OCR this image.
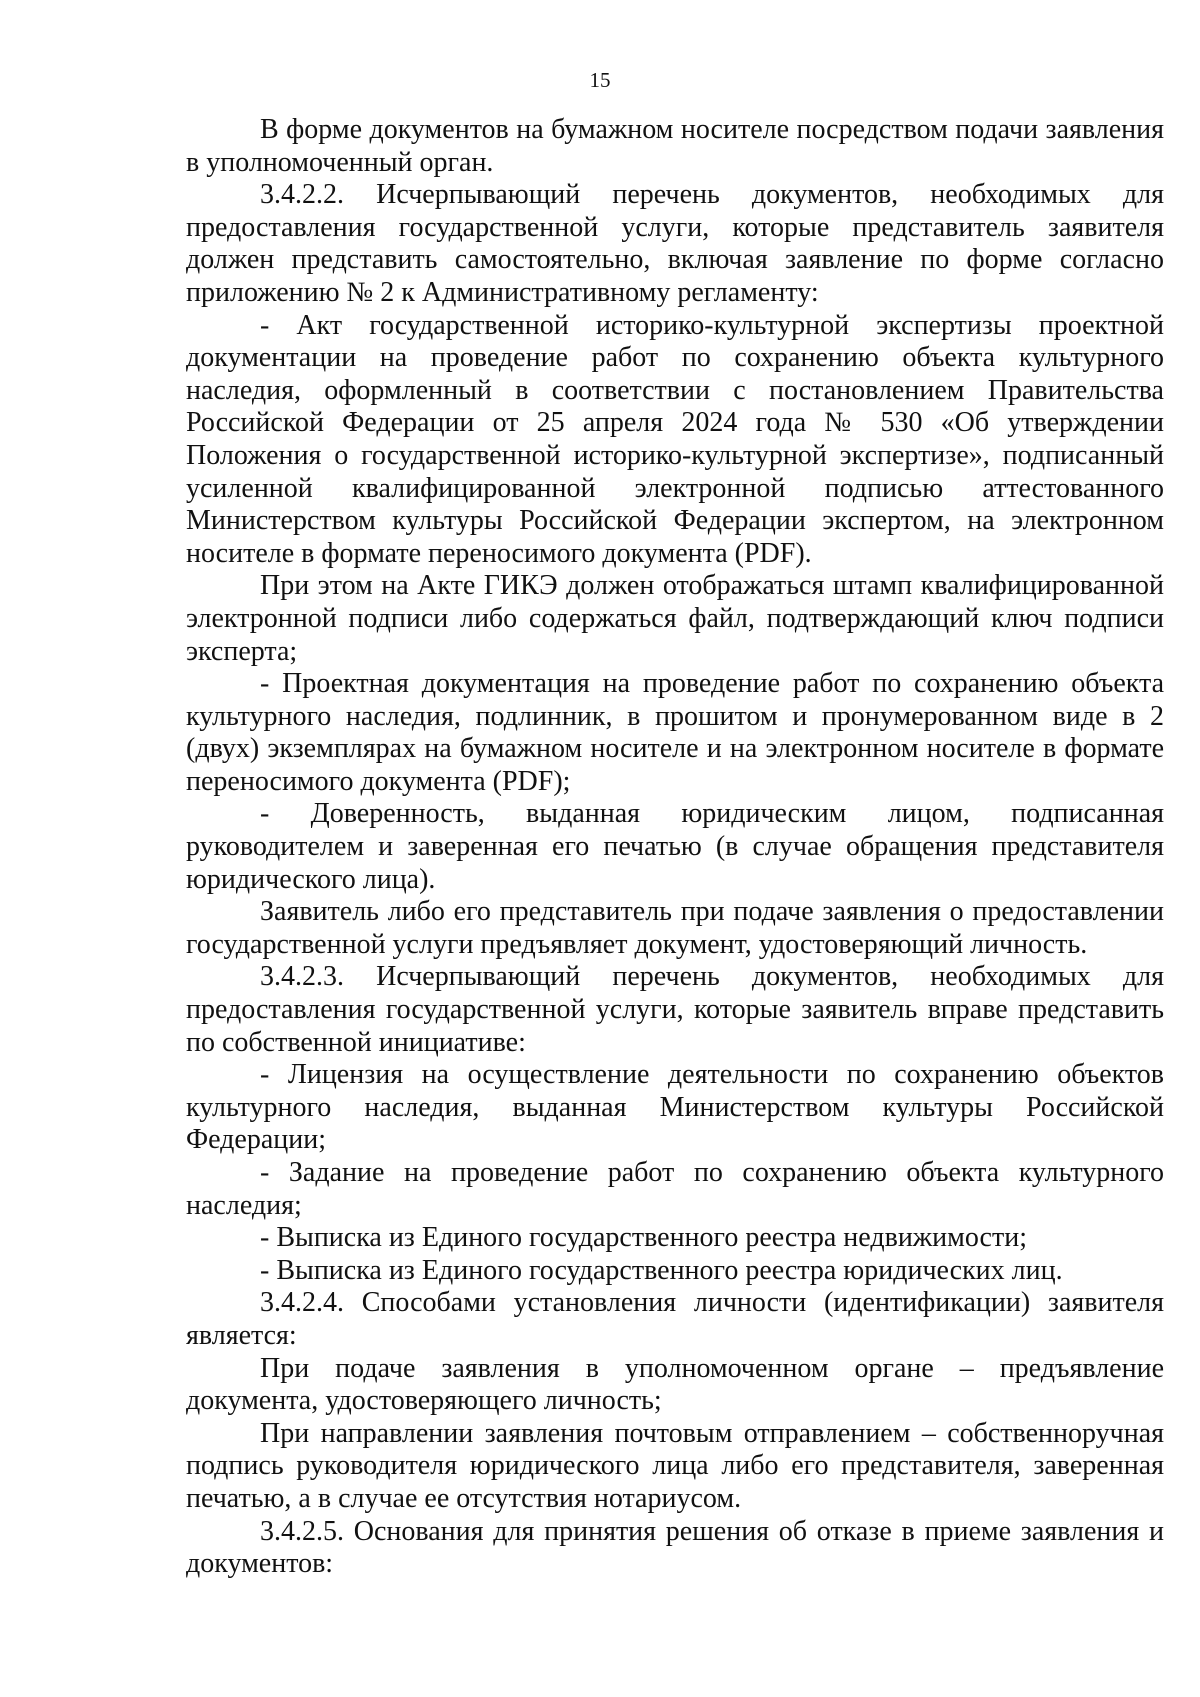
15

В форме документов на бумажном носителе посредством подачи заявления в уполномоченный орган.

3.4.2.2. Исчерпывающий перечень документов, необходимых для предоставления государственной услуги, которые представитель заявителя должен представить самостоятельно, включая заявление по форме согласно приложению № 2 к Административному регламенту:

- Акт государственной историко-культурной экспертизы проектной документации на проведение работ по сохранению объекта культурного наследия, оформленный в соответствии с постановлением Правительства Российской Федерации от 25 апреля 2024 года № 530 «Об утверждении Положения о государственной историко-культурной экспертизе», подписанный усиленной квалифицированной электронной подписью аттестованного Министерством культуры Российской Федерации экспертом, на электронном носителе в формате переносимого документа (PDF).

При этом на Акте ГИКЭ должен отображаться штамп квалифицированной электронной подписи либо содержаться файл, подтверждающий ключ подписи эксперта;

- Проектная документация на проведение работ по сохранению объекта культурного наследия, подлинник, в прошитом и пронумерованном виде в 2 (двух) экземплярах на бумажном носителе и на электронном носителе в формате переносимого документа (PDF);

- Доверенность, выданная юридическим лицом, подписанная руководителем и заверенная его печатью (в случае обращения представителя юридического лица).

Заявитель либо его представитель при подаче заявления о предоставлении государственной услуги предъявляет документ, удостоверяющий личность.

3.4.2.3. Исчерпывающий перечень документов, необходимых для предоставления государственной услуги, которые заявитель вправе представить по собственной инициативе:

- Лицензия на осуществление деятельности по сохранению объектов культурного наследия, выданная Министерством культуры Российской Федерации;

- Задание на проведение работ по сохранению объекта культурного наследия;

- Выписка из Единого государственного реестра недвижимости;

- Выписка из Единого государственного реестра юридических лиц.

3.4.2.4. Способами установления личности (идентификации) заявителя является:

При подаче заявления в уполномоченном органе – предъявление документа, удостоверяющего личность;

При направлении заявления почтовым отправлением – собственноручная подпись руководителя юридического лица либо его представителя, заверенная печатью, а в случае ее отсутствия нотариусом.

3.4.2.5. Основания для принятия решения об отказе в приеме заявления и документов:
